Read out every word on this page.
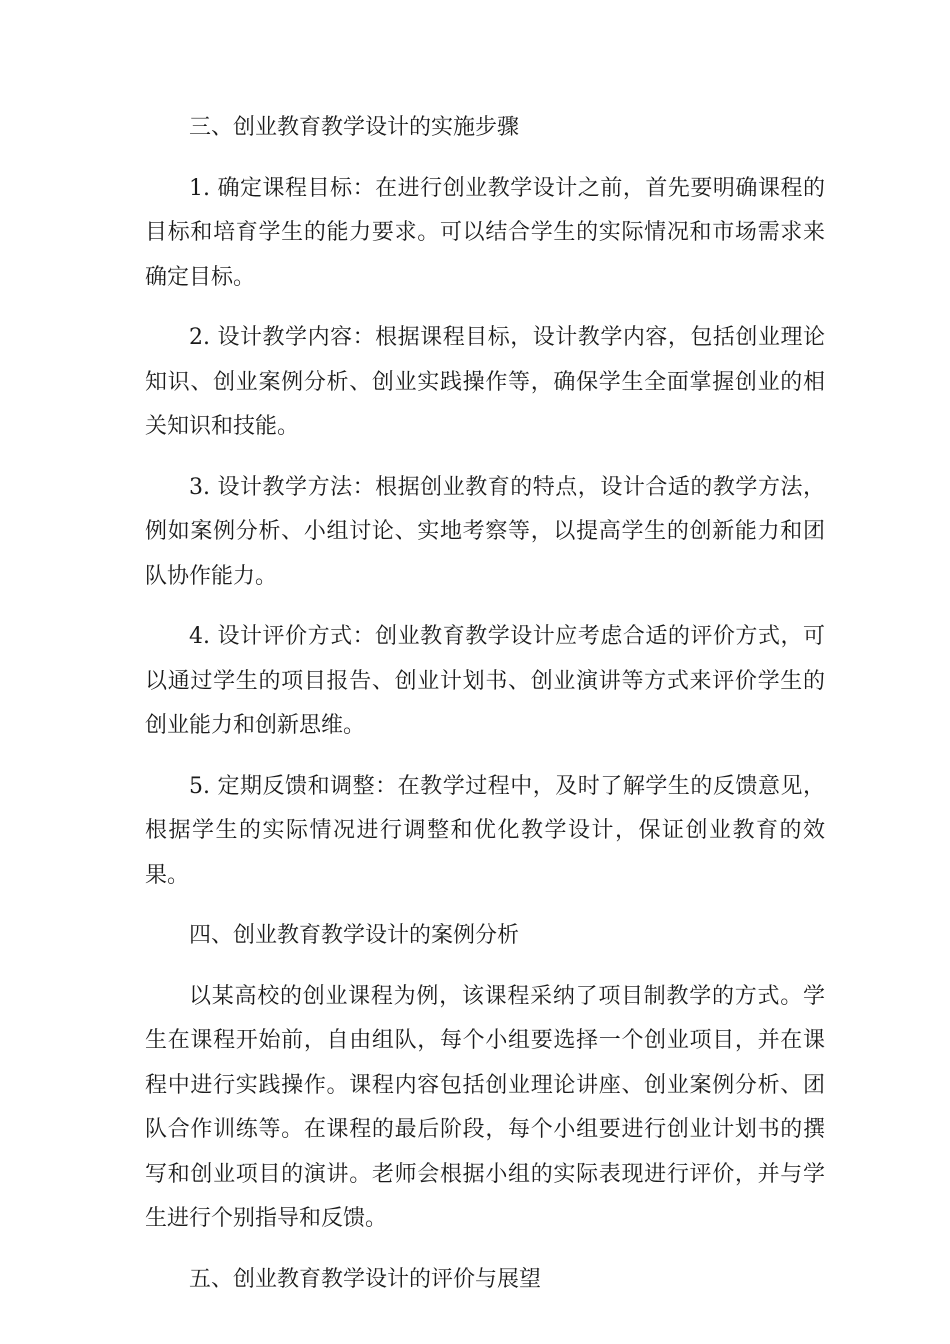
三、创业教育教学设计的实施步骤

1. 确定课程目标：在进行创业教学设计之前，首先要明确课程的目标和培育学生的能力要求。可以结合学生的实际情况和市场需求来确定目标。

2. 设计教学内容：根据课程目标，设计教学内容，包括创业理论知识、创业案例分析、创业实践操作等，确保学生全面掌握创业的相关知识和技能。

3. 设计教学方法：根据创业教育的特点，设计合适的教学方法，例如案例分析、小组讨论、实地考察等，以提高学生的创新能力和团队协作能力。

4. 设计评价方式：创业教育教学设计应考虑合适的评价方式，可以通过学生的项目报告、创业计划书、创业演讲等方式来评价学生的创业能力和创新思维。

5. 定期反馈和调整：在教学过程中，及时了解学生的反馈意见，根据学生的实际情况进行调整和优化教学设计，保证创业教育的效果。

四、创业教育教学设计的案例分析

以某高校的创业课程为例，该课程采纳了项目制教学的方式。学生在课程开始前，自由组队，每个小组要选择一个创业项目，并在课程中进行实践操作。课程内容包括创业理论讲座、创业案例分析、团队合作训练等。在课程的最后阶段，每个小组要进行创业计划书的撰写和创业项目的演讲。老师会根据小组的实际表现进行评价，并与学生进行个别指导和反馈。

五、创业教育教学设计的评价与展望
